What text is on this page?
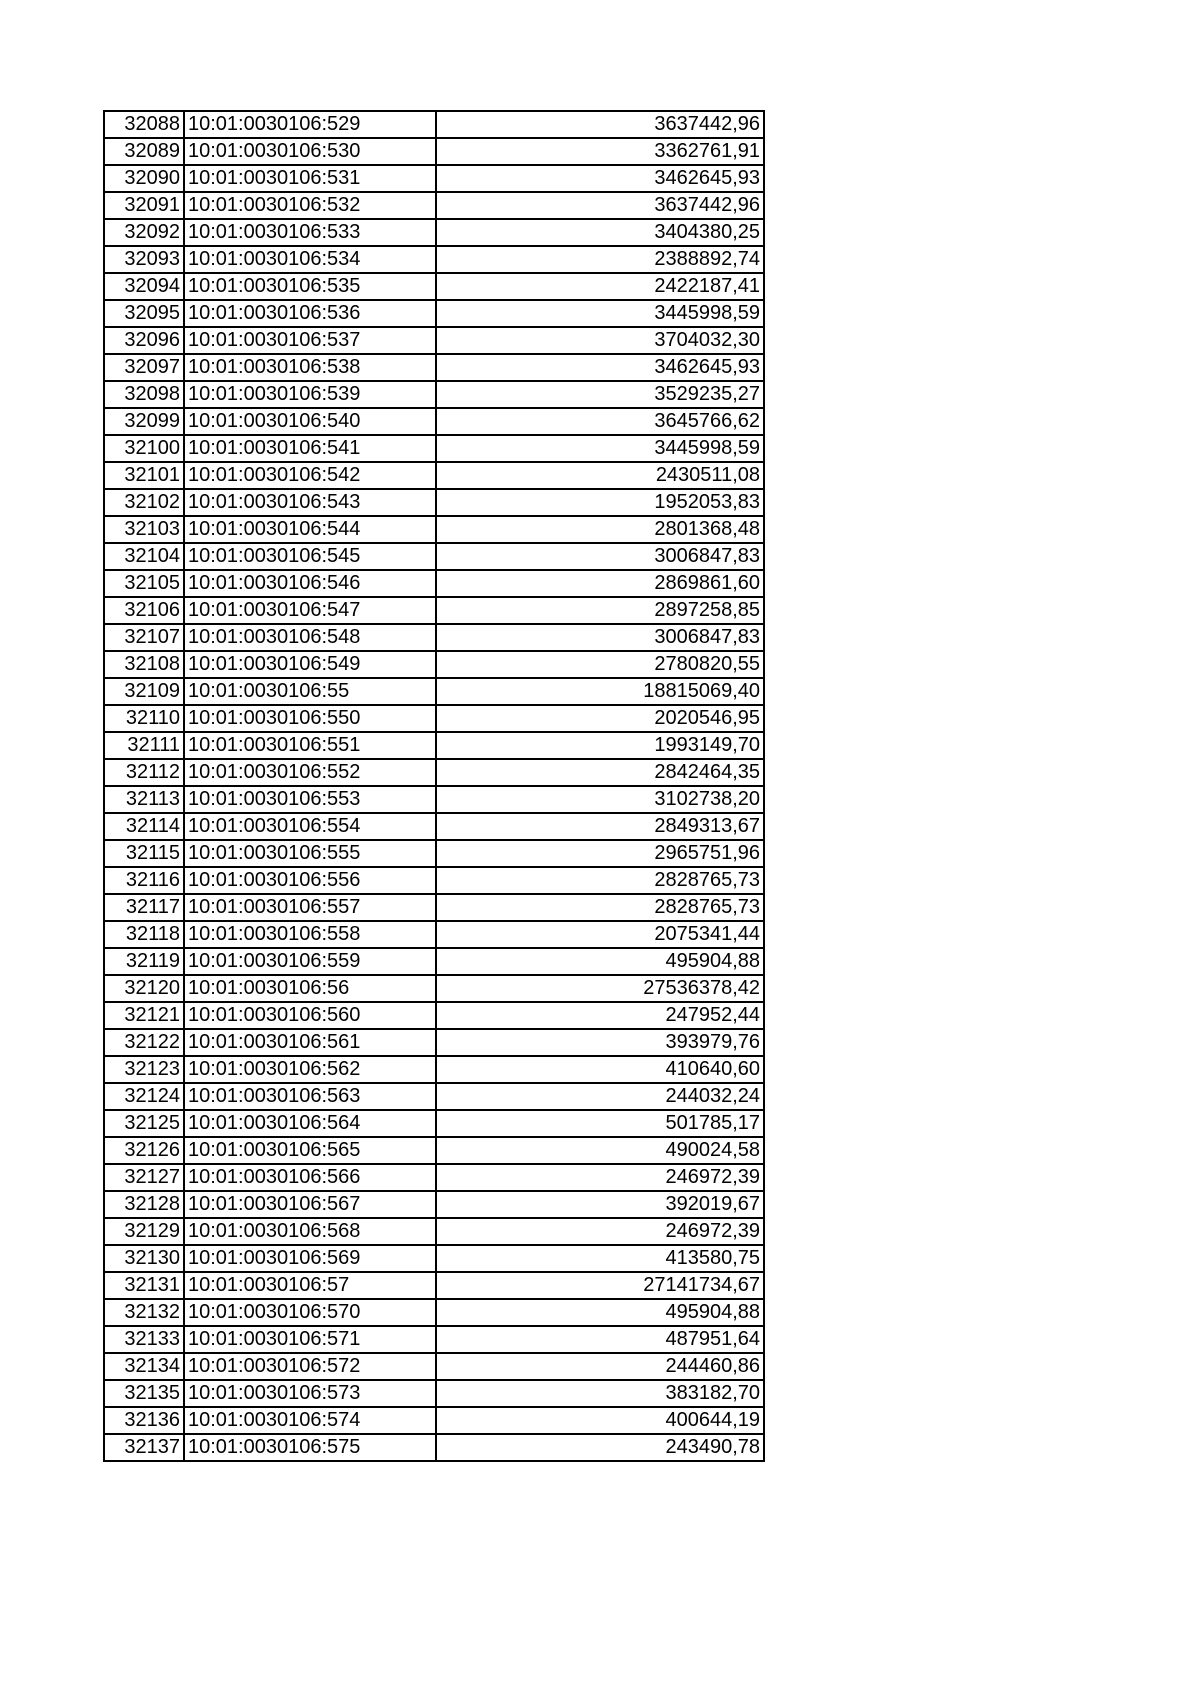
32088	10:01:0030106:529	3637442,96
32089	10:01:0030106:530	3362761,91
32090	10:01:0030106:531	3462645,93
32091	10:01:0030106:532	3637442,96
32092	10:01:0030106:533	3404380,25
32093	10:01:0030106:534	2388892,74
32094	10:01:0030106:535	2422187,41
32095	10:01:0030106:536	3445998,59
32096	10:01:0030106:537	3704032,30
32097	10:01:0030106:538	3462645,93
32098	10:01:0030106:539	3529235,27
32099	10:01:0030106:540	3645766,62
32100	10:01:0030106:541	3445998,59
32101	10:01:0030106:542	2430511,08
32102	10:01:0030106:543	1952053,83
32103	10:01:0030106:544	2801368,48
32104	10:01:0030106:545	3006847,83
32105	10:01:0030106:546	2869861,60
32106	10:01:0030106:547	2897258,85
32107	10:01:0030106:548	3006847,83
32108	10:01:0030106:549	2780820,55
32109	10:01:0030106:55	18815069,40
32110	10:01:0030106:550	2020546,95
32111	10:01:0030106:551	1993149,70
32112	10:01:0030106:552	2842464,35
32113	10:01:0030106:553	3102738,20
32114	10:01:0030106:554	2849313,67
32115	10:01:0030106:555	2965751,96
32116	10:01:0030106:556	2828765,73
32117	10:01:0030106:557	2828765,73
32118	10:01:0030106:558	2075341,44
32119	10:01:0030106:559	495904,88
32120	10:01:0030106:56	27536378,42
32121	10:01:0030106:560	247952,44
32122	10:01:0030106:561	393979,76
32123	10:01:0030106:562	410640,60
32124	10:01:0030106:563	244032,24
32125	10:01:0030106:564	501785,17
32126	10:01:0030106:565	490024,58
32127	10:01:0030106:566	246972,39
32128	10:01:0030106:567	392019,67
32129	10:01:0030106:568	246972,39
32130	10:01:0030106:569	413580,75
32131	10:01:0030106:57	27141734,67
32132	10:01:0030106:570	495904,88
32133	10:01:0030106:571	487951,64
32134	10:01:0030106:572	244460,86
32135	10:01:0030106:573	383182,70
32136	10:01:0030106:574	400644,19
32137	10:01:0030106:575	243490,78
